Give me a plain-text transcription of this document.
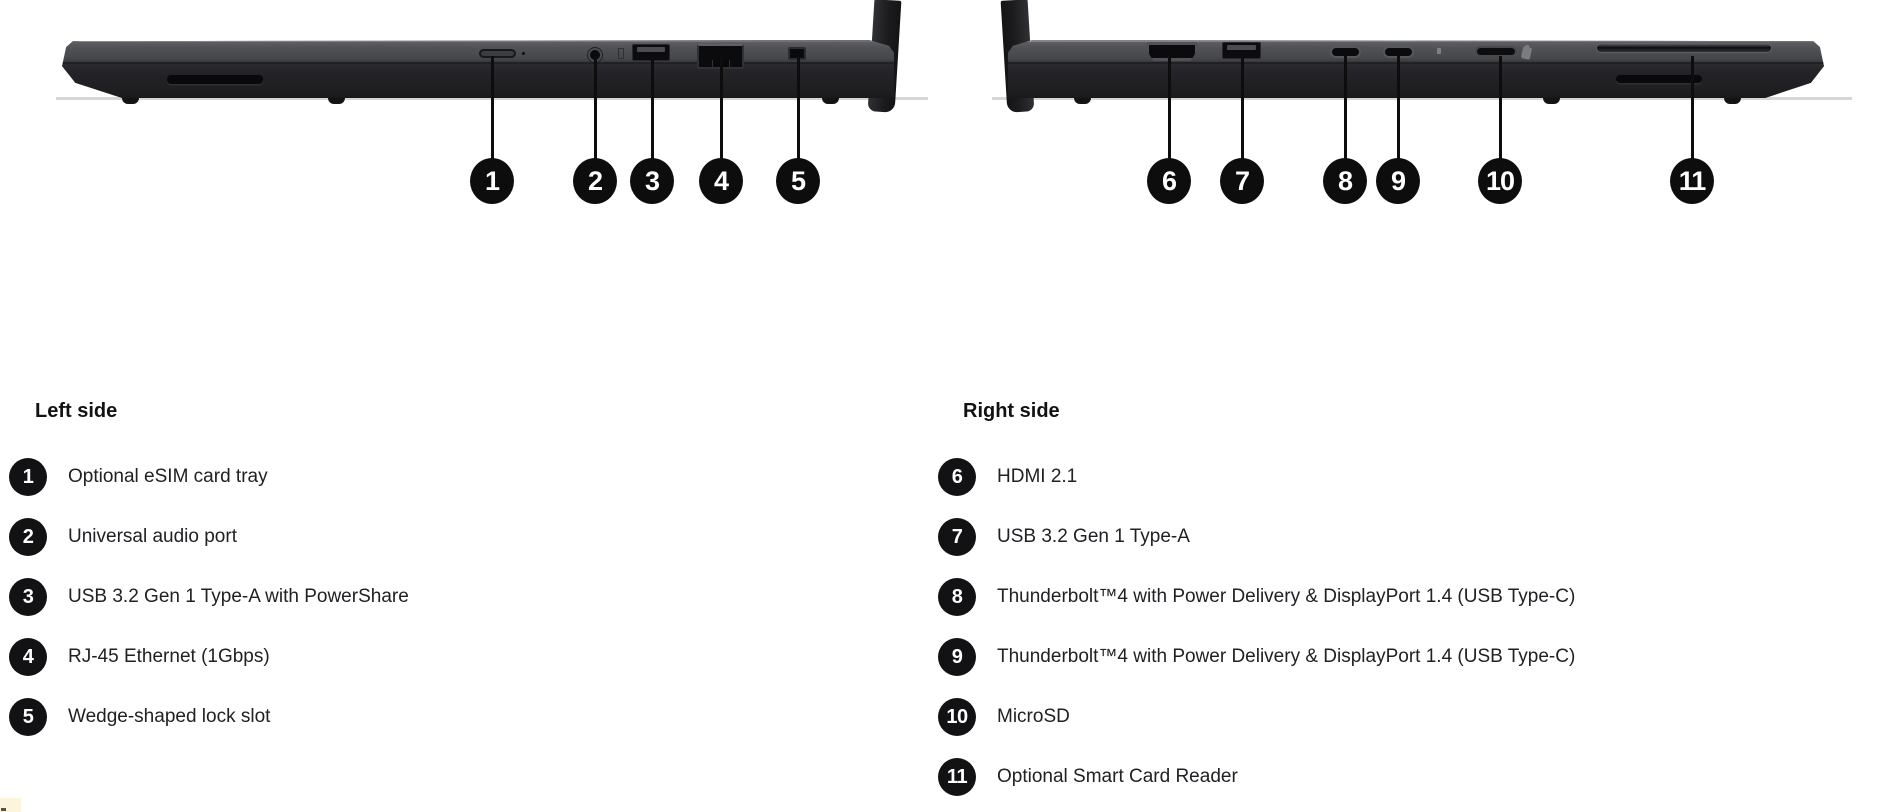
1	2	3	4	5	6	7	8	9	10	11
Left side
1	Optional eSIM card tray
2	Universal audio port
3	USB 3.2 Gen 1 Type-A with PowerShare
4	RJ-45 Ethernet (1Gbps)
5	Wedge-shaped lock slot
Right side
6	HDMI 2.1
7	USB 3.2 Gen 1 Type-A
8	Thunderbolt™4 with Power Delivery & DisplayPort 1.4 (USB Type-C)
9	Thunderbolt™4 with Power Delivery & DisplayPort 1.4 (USB Type-C)
10	MicroSD
11	Optional Smart Card Reader
